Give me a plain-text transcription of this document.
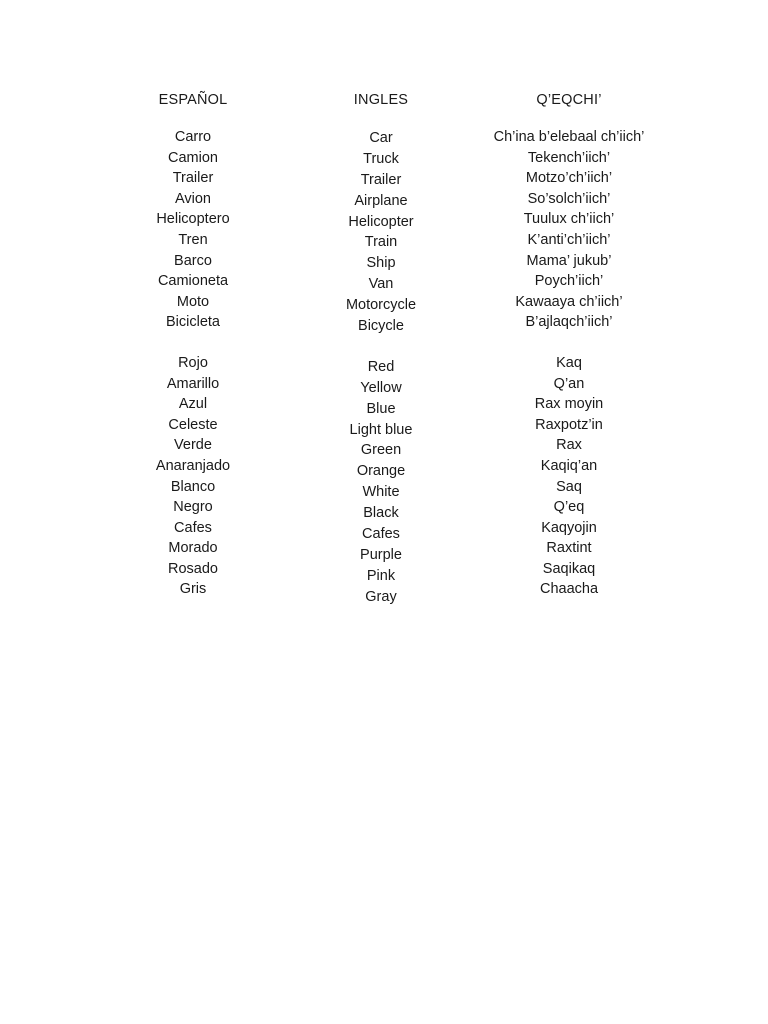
ESPAÑOL
Carro
Camion
Trailer
Avion
Helicoptero
Tren
Barco
Camioneta
Moto
Bicicleta
Rojo
Amarillo
Azul
Celeste
Verde
Anaranjado
Blanco
Negro
Cafes
Morado
Rosado
Gris
INGLES
Car
Truck
Trailer
Airplane
Helicopter
Train
Ship
Van
Motorcycle
Bicycle
Red
Yellow
Blue
Light blue
Green
Orange
White
Black
Cafes
Purple
Pink
Gray
Q’EQCHI’
Ch’ina b’elebaal ch’iich’
Tekench’iich’
Motzo’ch’iich’
So’solch’iich’
Tuulux ch’iich’
K’anti’ch’iich’
Mama’ jukub’
Poych’iich’
Kawaaya ch’iich’
B’ajlaqch’iich’
Kaq
Q’an
Rax moyin
Raxpotz’in
Rax
Kaqiq’an
Saq
Q’eq
Kaqyojin
Raxtint
Saqikaq
Chaacha
